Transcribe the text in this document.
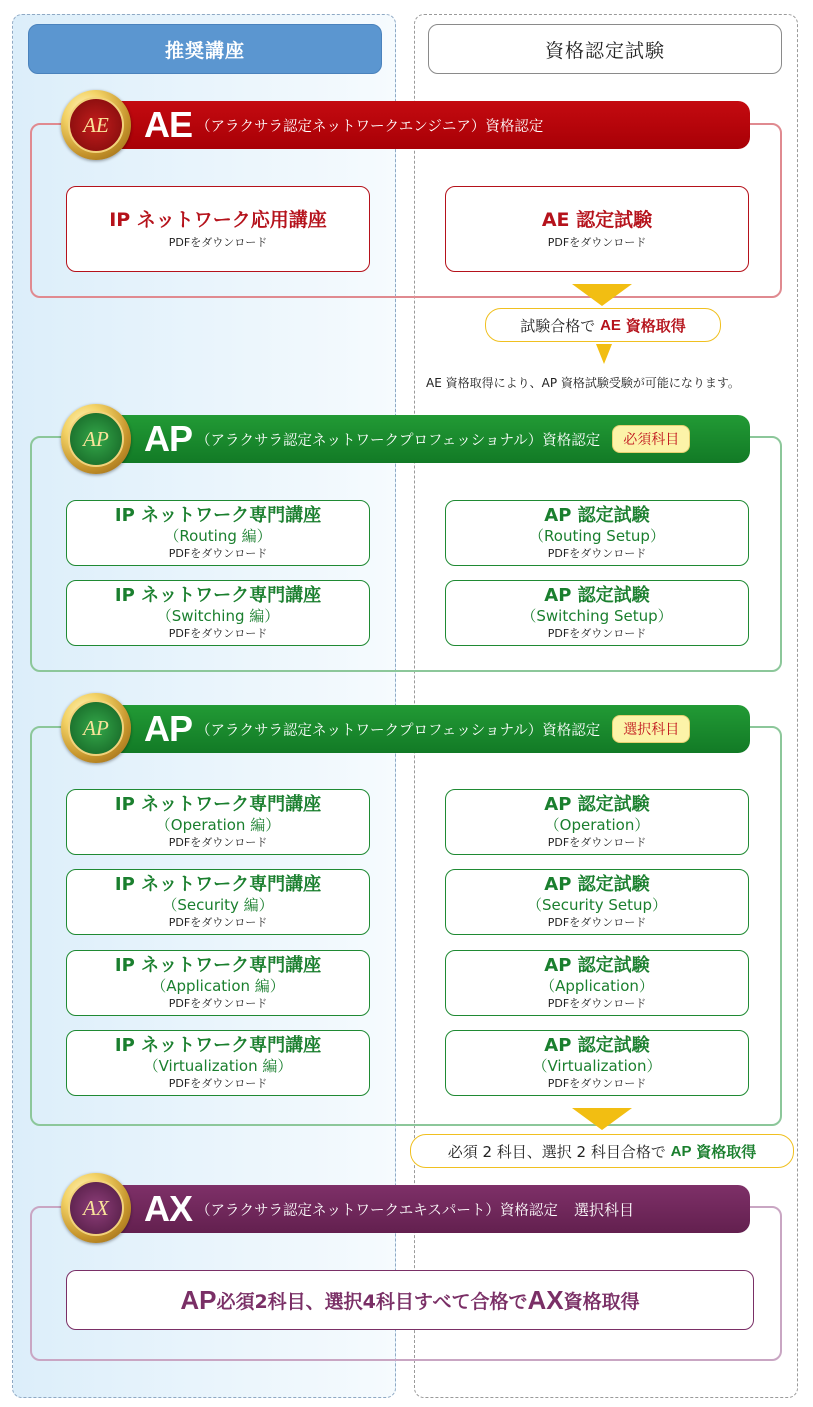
推奨講座	資格認定試験
AE （アラクサラ認定ネットワークエンジニア）資格認定
AE
IP ネットワーク応用講座
PDFをダウンロード
AE 認定試験
PDFをダウンロード
試験合格で
AE
資格取得
AE 資格取得により、AP 資格試験受験が可能になります。
AP （アラクサラ認定ネットワークプロフェッショナル）資格認定	必須科目
AP
IP ネットワーク専門講座
（Routing 編）
PDFをダウンロード
AP 認定試験
（Routing Setup）
PDFをダウンロード
IP ネットワーク専門講座
（Switching 編）
PDFをダウンロード
AP 認定試験
（Switching Setup）
PDFをダウンロード
AP （アラクサラ認定ネットワークプロフェッショナル）資格認定	選択科目
AP
IP ネットワーク専門講座
（Operation 編）
PDFをダウンロード
AP 認定試験
（Operation）
PDFをダウンロード
IP ネットワーク専門講座
（Security 編）
PDFをダウンロード
AP 認定試験
（Security Setup）
PDFをダウンロード
IP ネットワーク専門講座
（Application 編）
PDFをダウンロード
AP 認定試験
（Application）
PDFをダウンロード
IP ネットワーク専門講座
（Virtualization 編）
PDFをダウンロード
AP 認定試験
（Virtualization）
PDFをダウンロード
必須 2 科目、選択 2 科目合格で
AP
資格取得
AX （アラクサラ認定ネットワークエキスパート）資格認定 選択科目
AX
AP 必須2科目、選択4科目すべて合格で AX 資格取得
